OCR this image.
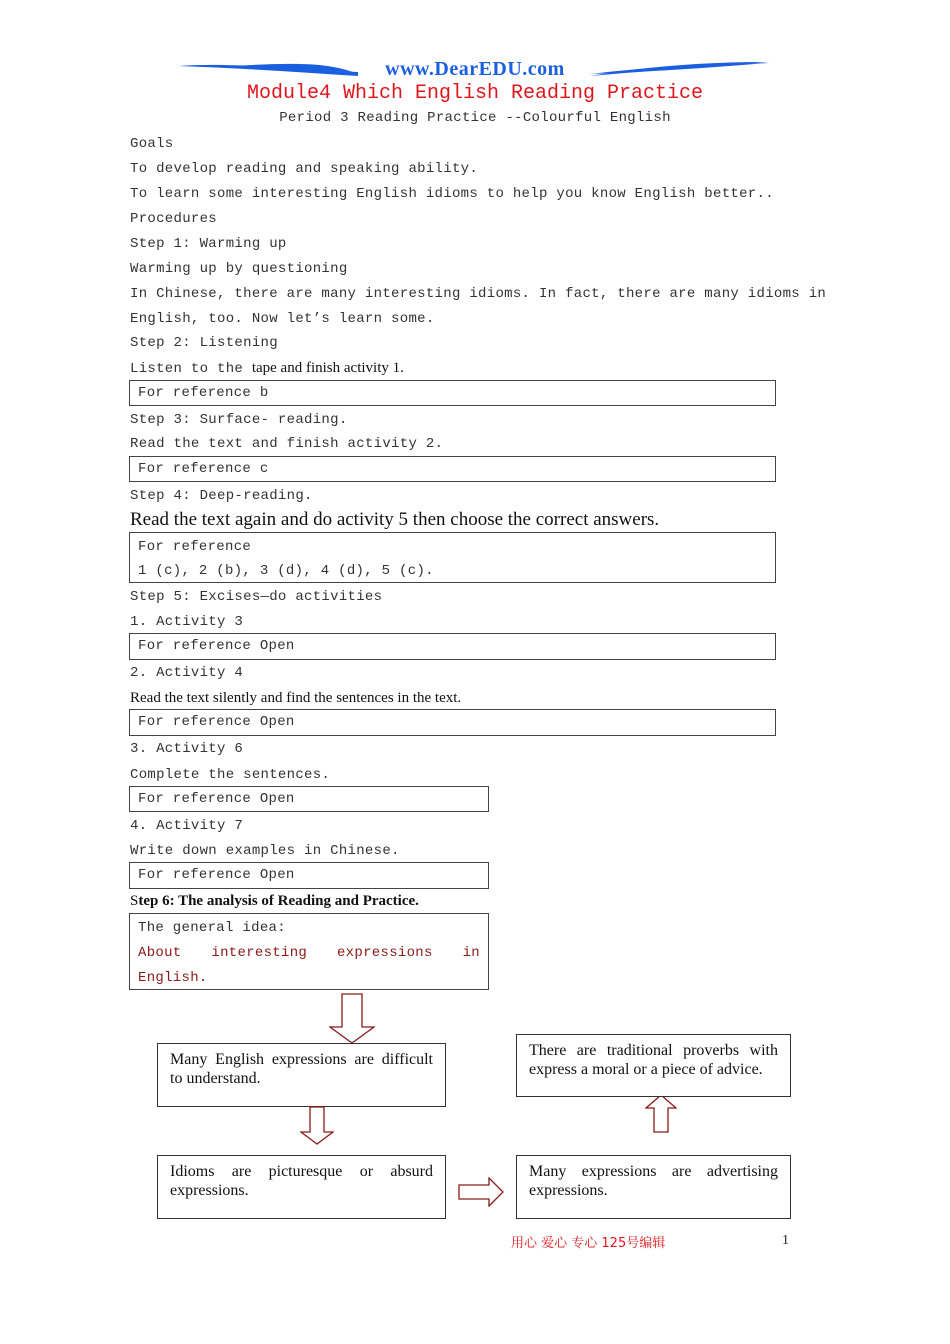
www.DearEDU.com
Module4 Which English Reading Practice
Period 3 Reading Practice --Colourful English
Goals
To develop reading and speaking ability.
To learn some interesting English idioms to help you know English better..
Procedures
Step 1: Warming up
Warming up by questioning
In Chinese, there are many interesting idioms. In fact, there are many idioms in
English, too. Now let’s learn some.
Step 2: Listening
Listen to the tape and finish activity 1.
For reference b
Step 3: Surface- reading.
Read the text and finish activity 2.
For reference c
Step 4: Deep-reading.
Read the text again and do activity 5 then choose the correct answers.
For reference
1 (c), 2 (b), 3 (d), 4 (d), 5 (c).
Step 5: Excises—do activities
1. Activity 3
For reference Open
2. Activity 4
Read the text silently and find the sentences in the text.
For reference Open
3. Activity 6
Complete the sentences.
For reference Open
4. Activity 7
Write down examples in Chinese.
For reference Open
Step 6: The analysis of Reading and Practice.
The general idea:
About interesting expressions in
English.
Many English expressions are difficult to understand.
Idioms are picturesque or absurd expressions.
Many expressions are advertising expressions.
There are traditional proverbs with express a moral or a piece of advice.
用心 爱心 专心 125号编辑	1
